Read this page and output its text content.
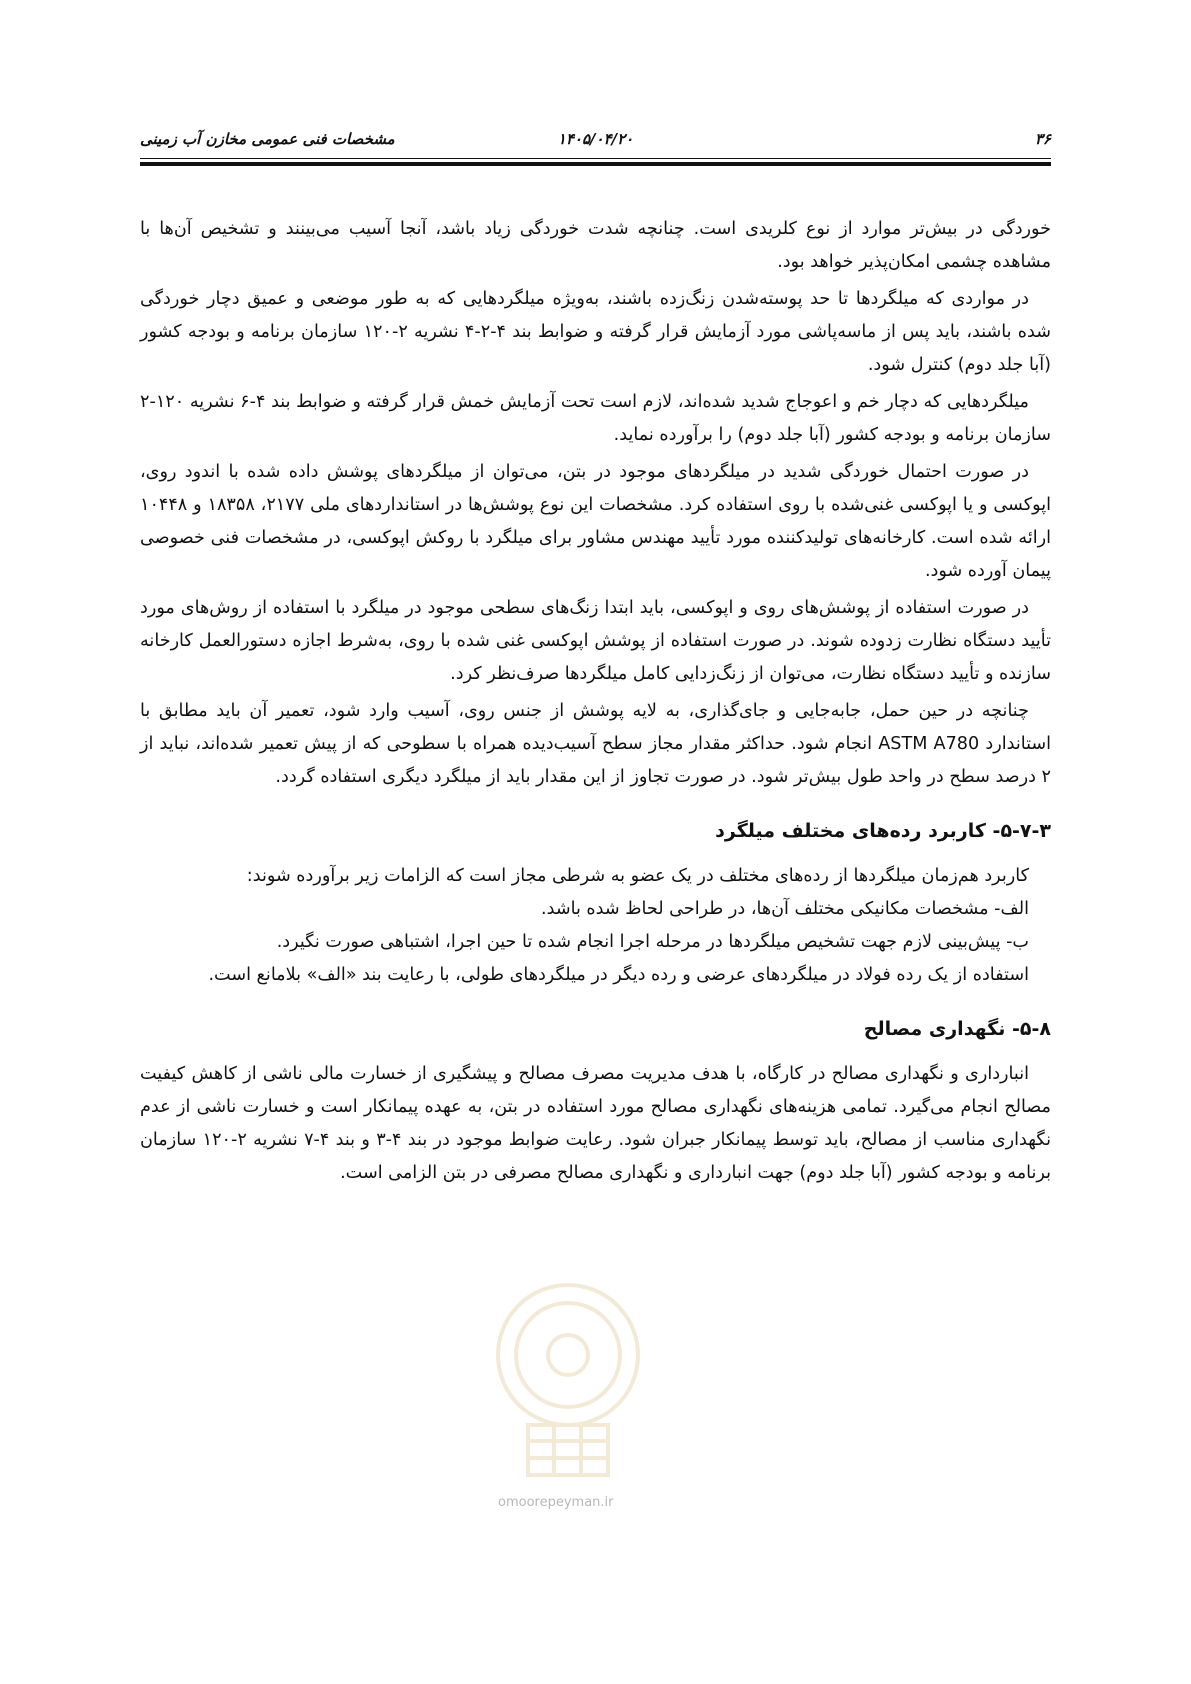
۳۶
۱۴۰۵/۰۴/۲۰
مشخصات فنی عمومی مخازن آب زمینی

خوردگی در بیش‌تر موارد از نوع کلریدی است. چنانچه شدت خوردگی زیاد باشد، آنجا آسیب می‌بینند و تشخیص آن‌ها با مشاهده چشمی امکان‌پذیر خواهد بود.

در مواردی که میلگردها تا حد پوسته‌شدن زنگ‌زده باشند، به‌ویژه میلگردهایی که به طور موضعی و عمیق دچار خوردگی شده باشند، باید پس از ماسه‌پاشی مورد آزمایش قرار گرفته و ضوابط بند ۴-۲-۴ نشریه ۲-۱۲۰ سازمان برنامه و بودجه کشور (آبا جلد دوم) کنترل شود.

میلگردهایی که دچار خم و اعوجاج شدید شده‌اند، لازم است تحت آزمایش خمش قرار گرفته و ضوابط بند ۴-۶ نشریه ۱۲۰-۲ سازمان برنامه و بودجه کشور (آبا جلد دوم) را برآورده نماید.

در صورت احتمال خوردگی شدید در میلگردهای موجود در بتن، می‌توان از میلگردهای پوشش داده شده با اندود روی، اپوکسی و یا اپوکسی غنی‌شده با روی استفاده کرد. مشخصات این نوع پوشش‌ها در استانداردهای ملی ۲۱۷۷، ۱۸۳۵۸ و ۱۰۴۴۸ ارائه شده است. کارخانه‌های تولیدکننده مورد تأیید مهندس مشاور برای میلگرد با روکش اپوکسی، در مشخصات فنی خصوصی پیمان آورده شود.

در صورت استفاده از پوشش‌های روی و اپوکسی، باید ابتدا زنگ‌های سطحی موجود در میلگرد با استفاده از روش‌های مورد تأیید دستگاه نظارت زدوده شوند. در صورت استفاده از پوشش اپوکسی غنی شده با روی، به‌شرط اجازه دستورالعمل کارخانه سازنده و تأیید دستگاه نظارت، می‌توان از زنگ‌زدایی کامل میلگردها صرف‌نظر کرد.

چنانچه در حین حمل، جابه‌جایی و جای‌گذاری، به لایه پوشش از جنس روی، آسیب وارد شود، تعمیر آن باید مطابق با استاندارد ASTM A780 انجام شود. حداکثر مقدار مجاز سطح آسیب‌دیده همراه با سطوحی که از پیش تعمیر شده‌اند، نباید از ۲ درصد سطح در واحد طول بیش‌تر شود. در صورت تجاوز از این مقدار باید از میلگرد دیگری استفاده گردد.

۵-۷-۳- کاربرد رده‌های مختلف میلگرد

کاربرد هم‌زمان میلگردها از رده‌های مختلف در یک عضو به شرطی مجاز است که الزامات زیر برآورده شوند:

الف- مشخصات مکانیکی مختلف آن‌ها، در طراحی لحاظ شده باشد.

ب- پیش‌بینی لازم جهت تشخیص میلگردها در مرحله اجرا انجام شده تا حین اجرا، اشتباهی صورت نگیرد.

استفاده از یک رده فولاد در میلگردهای عرضی و رده دیگر در میلگردهای طولی، با رعایت بند «الف» بلامانع است.

۵-۸- نگهداری مصالح

انبارداری و نگهداری مصالح در کارگاه، با هدف مدیریت مصرف مصالح و پیشگیری از خسارت مالی ناشی از کاهش کیفیت مصالح انجام می‌گیرد. تمامی هزینه‌های نگهداری مصالح مورد استفاده در بتن، به عهده پیمانکار است و خسارت ناشی از عدم نگهداری مناسب از مصالح، باید توسط پیمانکار جبران شود. رعایت ضوابط موجود در بند ۴-۳ و بند ۴-۷ نشریه ۲-۱۲۰ سازمان برنامه و بودجه کشور (آبا جلد دوم) جهت انبارداری و نگهداری مصالح مصرفی در بتن الزامی است.

omoorepeyman.ir
